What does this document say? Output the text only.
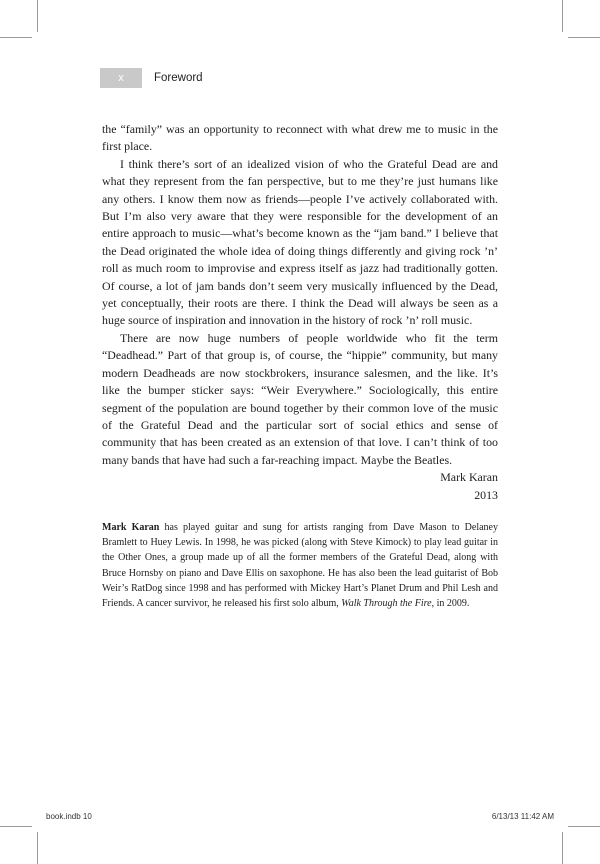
x	Foreword

the “family” was an opportunity to reconnect with what drew me to music in the first place.

I think there’s sort of an idealized vision of who the Grateful Dead are and what they represent from the fan perspective, but to me they’re just humans like any others. I know them now as friends—people I’ve actively collaborated with. But I’m also very aware that they were responsible for the development of an entire approach to music—what’s become known as the “jam band.” I believe that the Dead originated the whole idea of doing things differently and giving rock ’n’ roll as much room to improvise and express itself as jazz had traditionally gotten. Of course, a lot of jam bands don’t seem very musically influenced by the Dead, yet conceptually, their roots are there. I think the Dead will always be seen as a huge source of inspiration and innovation in the history of rock ’n’ roll music.

There are now huge numbers of people worldwide who fit the term “Deadhead.” Part of that group is, of course, the “hippie” community, but many modern Deadheads are now stockbrokers, insurance salesmen, and the like. It’s like the bumper sticker says: “Weir Everywhere.” Sociologically, this entire segment of the population are bound together by their common love of the music of the Grateful Dead and the particular sort of social ethics and sense of community that has been created as an extension of that love. I can’t think of too many bands that have had such a far-reaching impact. Maybe the Beatles.

Mark Karan

2013

Mark Karan has played guitar and sung for artists ranging from Dave Mason to Delaney Bramlett to Huey Lewis. In 1998, he was picked (along with Steve Kimock) to play lead guitar in the Other Ones, a group made up of all the former members of the Grateful Dead, along with Bruce Hornsby on piano and Dave Ellis on saxophone. He has also been the lead guitarist of Bob Weir’s RatDog since 1998 and has performed with Mickey Hart’s Planet Drum and Phil Lesh and Friends. A cancer survivor, he released his first solo album, Walk Through the Fire, in 2009.

book.indb 10	6/13/13 11:42 AM
